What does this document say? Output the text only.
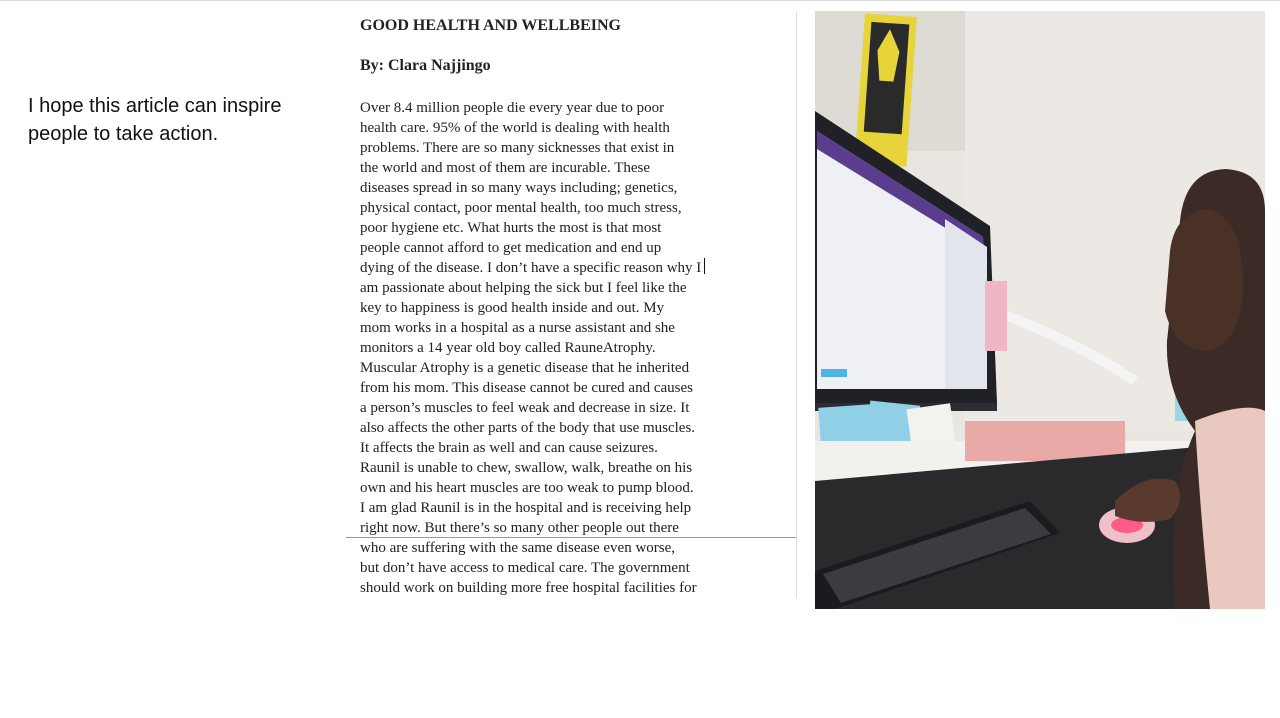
I hope this article can inspire people to take action.

GOOD HEALTH AND WELLBEING
By: Clara Najjingo
Over 8.4 million people die every year due to poor
health care. 95% of the world is dealing with health
problems. There are so many sicknesses that exist in
the world and most of them are incurable. These
diseases spread in so many ways including; genetics,
physical contact, poor mental health, too much stress,
poor hygiene etc. What hurts the most is that most
people cannot afford to get medication and end up
dying of the disease. I don’t have a specific reason why I
am passionate about helping the sick but I feel like the
key to happiness is good health inside and out. My
mom works in a hospital as a nurse assistant and she
monitors a 14 year old boy called RauneAtrophy.
Muscular Atrophy is a genetic disease that he inherited
from his mom. This disease cannot be cured and causes
a person’s muscles to feel weak and decrease in size. It
also affects the other parts of the body that use muscles.
It affects the brain as well and can cause seizures.
Raunil is unable to chew, swallow, walk, breathe on his
own and his heart muscles are too weak to pump blood.
I am glad Raunil is in the hospital and is receiving help
right now. But there’s so many other people out there
who are suffering with the same disease even worse,
but don’t have access to medical care. The government
should work on building more free hospital facilities for
